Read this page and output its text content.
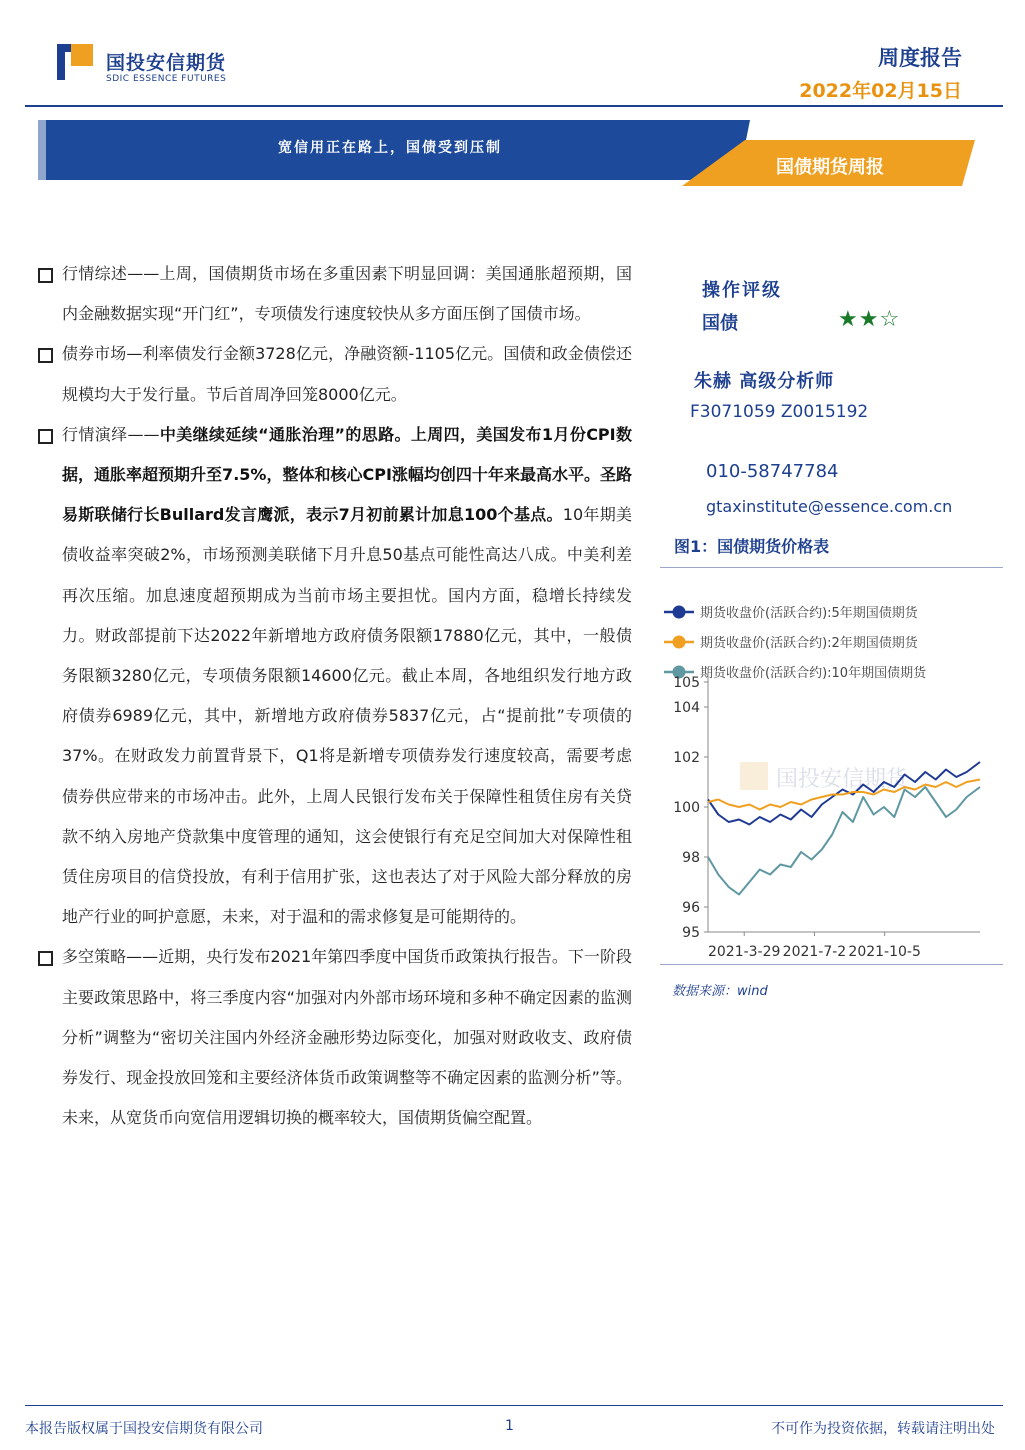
国投安信期货
SDIC ESSENCE FUTURES
周度报告
2022年02月15日
宽信用正在路上，国债受到压制
国债期货周报
行情综述——上周，国债期货市场在多重因素下明显回调：美国通胀超预期，国内金融数据实现“开门红”，专项债发行速度较快从多方面压倒了国债市场。
债券市场—利率债发行金额3728亿元，净融资额-1105亿元。国债和政金债偿还规模均大于发行量。节后首周净回笼8000亿元。
行情演绎——中美继续延续“通胀治理”的思路。上周四，美国发布1月份CPI数据，通胀率超预期升至7.5%，整体和核心CPI涨幅均创四十年来最高水平。圣路易斯联储行长Bullard发言鹰派，表示7月初前累计加息100个基点。10年期美债收益率突破2%，市场预测美联储下月升息50基点可能性高达八成。中美利差再次压缩。加息速度超预期成为当前市场主要担忧。国内方面，稳增长持续发力。财政部提前下达2022年新增地方政府债务限额17880亿元，其中，一般债务限额3280亿元，专项债务限额14600亿元。截止本周，各地组织发行地方政府债券6989亿元，其中，新增地方政府债券5837亿元，占“提前批”专项债的37%。在财政发力前置背景下，Q1将是新增专项债券发行速度较高，需要考虑债券供应带来的市场冲击。此外，上周人民银行发布关于保障性租赁住房有关贷款不纳入房地产贷款集中度管理的通知，这会使银行有充足空间加大对保障性租赁住房项目的信贷投放，有利于信用扩张，这也表达了对于风险大部分释放的房地产行业的呵护意愿，未来，对于温和的需求修复是可能期待的。
多空策略——近期，央行发布2021年第四季度中国货币政策执行报告。下一阶段主要政策思路中，将三季度内容“加强对内外部市场环境和多种不确定因素的监测分析”调整为“密切关注国内外经济金融形势边际变化，加强对财政收支、政府债券发行、现金投放回笼和主要经济体货币政策调整等不确定因素的监测分析”等。未来，从宽货币向宽信用逻辑切换的概率较大，国债期货偏空配置。
操作评级
国债	★★☆
朱赫 高级分析师
F3071059 Z0015192
010-58747784
gtaxinstitute@essence.com.cn
图1：国债期货价格表
国投安信期货
期货收盘价(活跃合约):5年期国债期货
期货收盘价(活跃合约):2年期国债期货
期货收盘价(活跃合约):10年期国债期货
95
96
98
100
102
104
105
2021-3-29 2021-7-2 2021-10-5
数据来源：wind
本报告版权属于国投安信期货有限公司	1	不可作为投资依据，转载请注明出处
